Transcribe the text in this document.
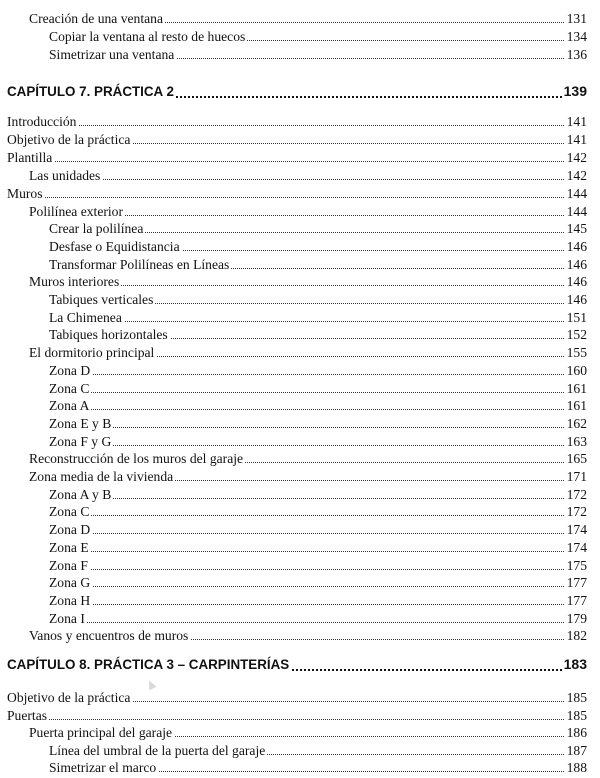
Creación de una ventana	131
Copiar la ventana al resto de huecos	134
Simetrizar una ventana	136
CAPÍTULO 7. PRÁCTICA 2	139
Introducción	141
Objetivo de la práctica	141
Plantilla	142
Las unidades	142
Muros	144
Polilínea exterior	144
Crear la polilínea	145
Desfase o Equidistancia	146
Transformar Polilíneas en Líneas	146
Muros interiores	146
Tabiques verticales	146
La Chimenea	151
Tabiques horizontales	152
El dormitorio principal	155
Zona D	160
Zona C	161
Zona A	161
Zona E y B	162
Zona F y G	163
Reconstrucción de los muros del garaje	165
Zona media de la vivienda	171
Zona A y B	172
Zona C	172
Zona D	174
Zona E	174
Zona F	175
Zona G	177
Zona H	177
Zona I	179
Vanos y encuentros de muros	182
CAPÍTULO 8. PRÁCTICA 3 – CARPINTERÍAS	183
Objetivo de la práctica	185
Puertas	185
Puerta principal del garaje	186
Línea del umbral de la puerta del garaje	187
Simetrizar el marco	188
